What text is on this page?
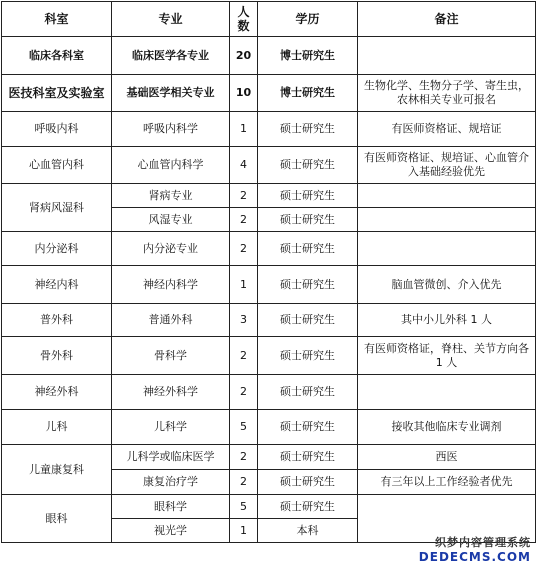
科室	专业	人数	学历	备注
临床各科室	临床医学各专业	20	博士研究生	
医技科室及实验室	基础医学相关专业	10	博士研究生	生物化学、生物分子学、寄生虫，农林相关专业可报名
呼吸内科	呼吸内科学	1	硕士研究生	有医师资格证、规培证
心血管内科	心血管内科学	4	硕士研究生	有医师资格证、规培证、心血管介入基础经验优先
肾病风湿科	肾病专业	2	硕士研究生	
	风湿专业	2	硕士研究生	
内分泌科	内分泌专业	2	硕士研究生	
神经内科	神经内科学	1	硕士研究生	脑血管微创、介入优先
普外科	普通外科	3	硕士研究生	其中小儿外科 1 人
骨外科	骨科学	2	硕士研究生	有医师资格证，脊柱、关节方向各 1 人
神经外科	神经外科学	2	硕士研究生	
儿科	儿科学	5	硕士研究生	接收其他临床专业调剂
儿童康复科	儿科学或临床医学	2	硕士研究生	西医
	康复治疗学	2	硕士研究生	有三年以上工作经验者优先
眼科	眼科学	5	硕士研究生	
	视光学	1	本科	
织梦内容管理系统
DEDECMS.COM
